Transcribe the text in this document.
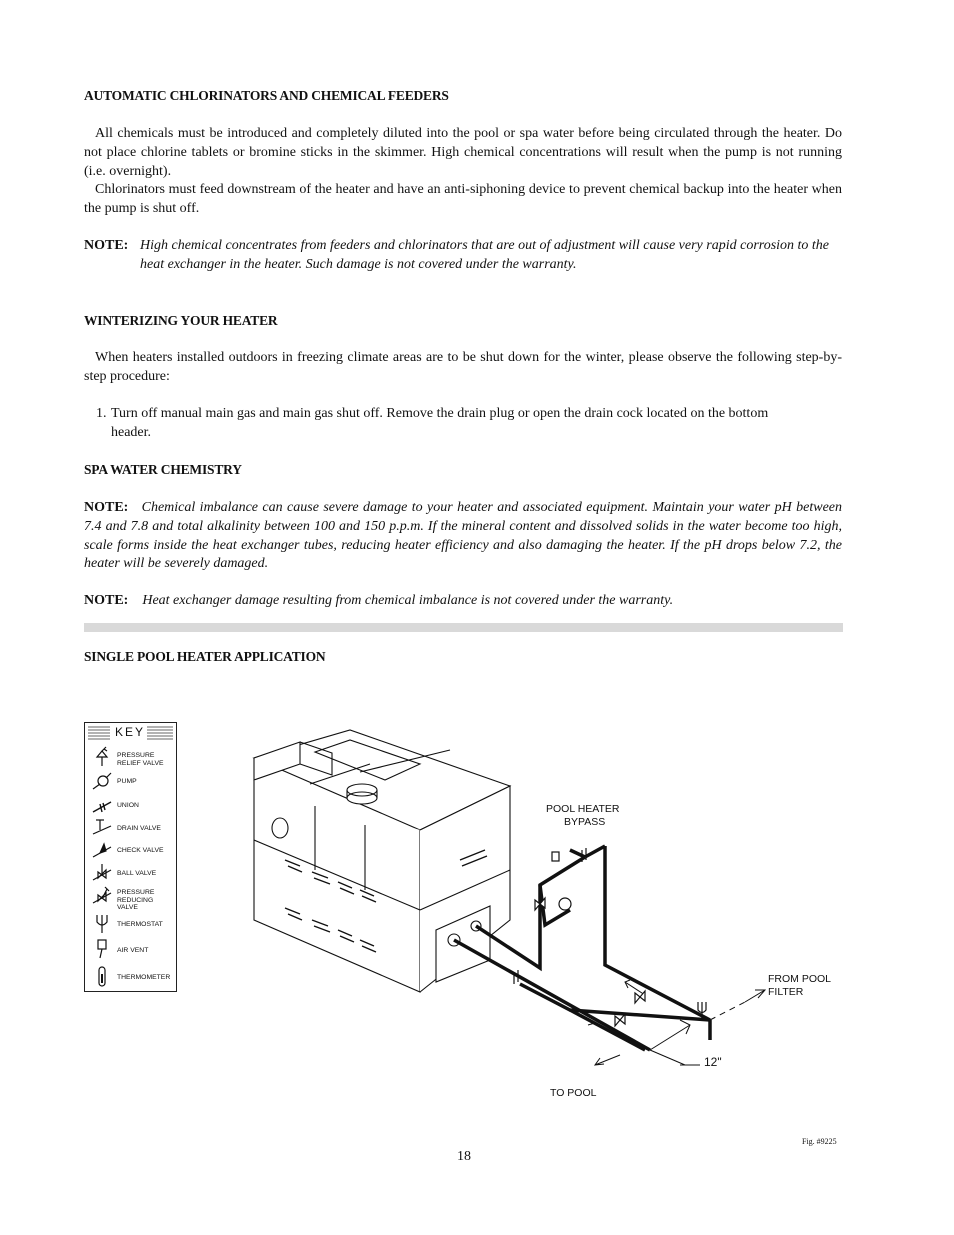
AUTOMATIC CHLORINATORS AND CHEMICAL FEEDERS
All chemicals must be introduced and completely diluted into the pool or spa water before being circulated through the heater. Do not place chlorine tablets or bromine sticks in the skimmer. High chemical concentrations will result when the pump is not running (i.e. overnight).
Chlorinators must feed downstream of the heater and have an anti-siphoning device to prevent chemical backup into the heater when the pump is shut off.
NOTE: High chemical concentrates from feeders and chlorinators that are out of adjustment will cause very rapid corrosion to the heat exchanger in the heater. Such damage is not covered under the warranty.
WINTERIZING YOUR HEATER
When heaters installed outdoors in freezing climate areas are to be shut down for the winter, please observe the following step-by-step procedure:
1. Turn off manual main gas and main gas shut off. Remove the drain plug or open the drain cock located on the bottom header.
SPA WATER CHEMISTRY
NOTE: Chemical imbalance can cause severe damage to your heater and associated equipment. Maintain your water pH between 7.4 and 7.8 and total alkalinity between 100 and 150 p.p.m. If the mineral content and dissolved solids in the water become too high, scale forms inside the heat exchanger tubes, reducing heater efficiency and also damaging the heater. If the pH drops below 7.2, the heater will be severely damaged.
NOTE: Heat exchanger damage resulting from chemical imbalance is not covered under the warranty.
SINGLE POOL HEATER APPLICATION
KEY
PRESSURE
RELIEF VALVE
PUMP
UNION
DRAIN VALVE
CHECK VALVE
BALL VALVE
PRESSURE
REDUCING VALVE
THERMOSTAT
AIR VENT
THERMOMETER
POOL HEATER
BYPASS
FROM POOL
FILTER
12"
TO POOL
Fig. #9225
18
